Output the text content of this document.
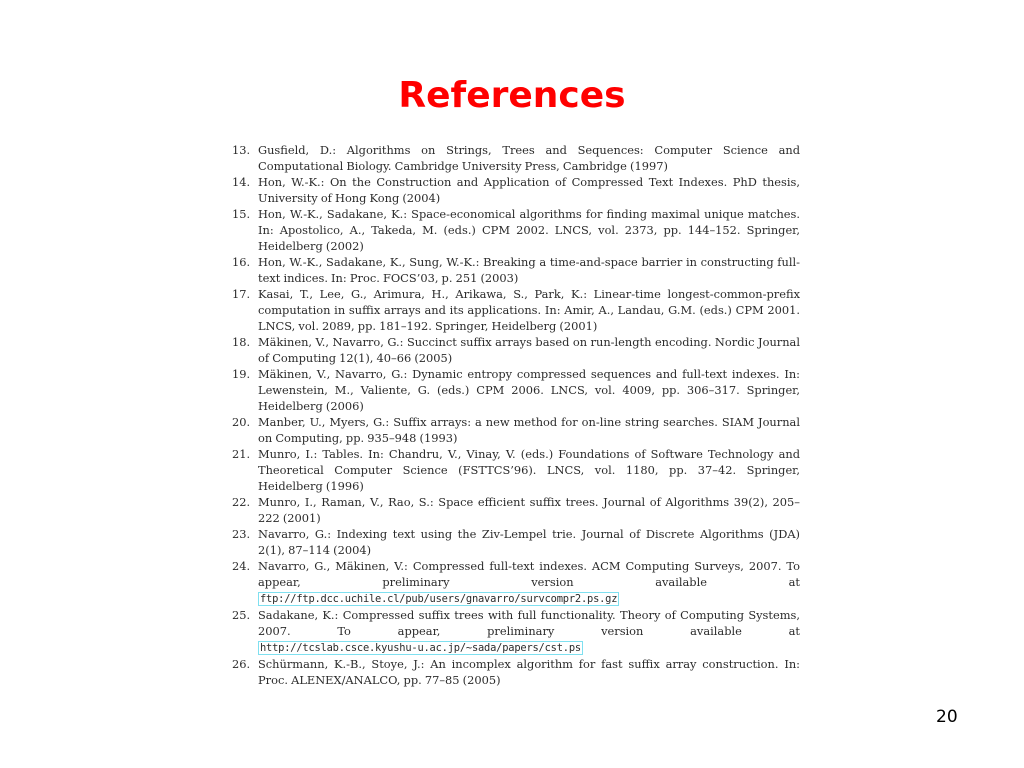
References
13. Gusfield, D.: Algorithms on Strings, Trees and Sequences: Computer Science and Computational Biology. Cambridge University Press, Cambridge (1997)
14. Hon, W.-K.: On the Construction and Application of Compressed Text Indexes. PhD thesis, University of Hong Kong (2004)
15. Hon, W.-K., Sadakane, K.: Space-economical algorithms for finding maximal unique matches. In: Apostolico, A., Takeda, M. (eds.) CPM 2002. LNCS, vol. 2373, pp. 144–152. Springer, Heidelberg (2002)
16. Hon, W.-K., Sadakane, K., Sung, W.-K.: Breaking a time-and-space barrier in constructing full-text indices. In: Proc. FOCS’03, p. 251 (2003)
17. Kasai, T., Lee, G., Arimura, H., Arikawa, S., Park, K.: Linear-time longest-common-prefix computation in suffix arrays and its applications. In: Amir, A., Landau, G.M. (eds.) CPM 2001. LNCS, vol. 2089, pp. 181–192. Springer, Heidelberg (2001)
18. Mäkinen, V., Navarro, G.: Succinct suffix arrays based on run-length encoding. Nordic Journal of Computing 12(1), 40–66 (2005)
19. Mäkinen, V., Navarro, G.: Dynamic entropy compressed sequences and full-text indexes. In: Lewenstein, M., Valiente, G. (eds.) CPM 2006. LNCS, vol. 4009, pp. 306–317. Springer, Heidelberg (2006)
20. Manber, U., Myers, G.: Suffix arrays: a new method for on-line string searches. SIAM Journal on Computing, pp. 935–948 (1993)
21. Munro, I.: Tables. In: Chandru, V., Vinay, V. (eds.) Foundations of Software Technology and Theoretical Computer Science (FSTTCS’96). LNCS, vol. 1180, pp. 37–42. Springer, Heidelberg (1996)
22. Munro, I., Raman, V., Rao, S.: Space efficient suffix trees. Journal of Algorithms 39(2), 205–222 (2001)
23. Navarro, G.: Indexing text using the Ziv-Lempel trie. Journal of Discrete Algorithms (JDA) 2(1), 87–114 (2004)
24. Navarro, G., Mäkinen, V.: Compressed full-text indexes. ACM Computing Surveys, 2007. To appear, preliminary version available at ftp://ftp.dcc.uchile.cl/pub/users/gnavarro/survcompr2.ps.gz
25. Sadakane, K.: Compressed suffix trees with full functionality. Theory of Computing Systems, 2007. To appear, preliminary version available at http://tcslab.csce.kyushu-u.ac.jp/~sada/papers/cst.ps
26. Schürmann, K.-B., Stoye, J.: An incomplex algorithm for fast suffix array construction. In: Proc. ALENEX/ANALCO, pp. 77–85 (2005)
20
